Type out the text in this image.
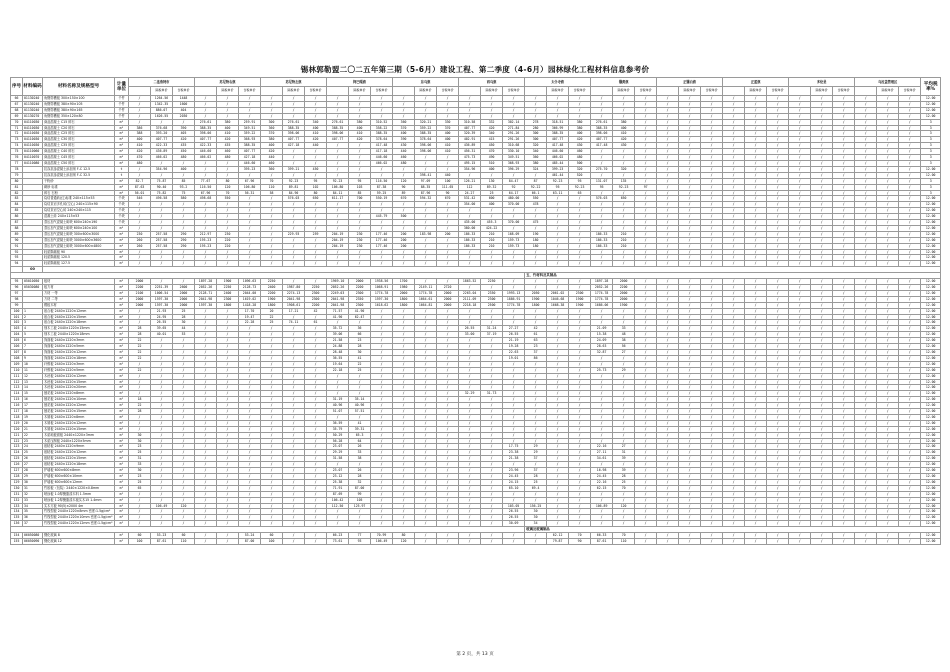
锡林郭勒盟二〇二五年第三期（5-6月）建设工程、第二季度（4-6月）园林绿化工程材料信息参考价
序号	材料编码	材料名称及规格型号	计量单位	二连浩特市			苏尼特右旗			苏尼特左旗			阿巴嘎旗			东乌旗			西乌旗			太仆寺旗			镶黄旗			正镶白旗			正蓝旗			多伦县			乌拉盖管理区			平均税率%
					除税单价	含税单价		除税单价	含税单价		除税单价	含税单价		除税单价	含税单价		除税单价	含税单价		除税单价	含税单价		除税单价	含税单价		除税单价	含税单价		除税单价	含税单价		除税单价	含税单价		除税单价	含税单价		除税单价	含税单价	
66	01130240	角钢剪槽板 300×150×100	千件	/	1264.56	1448	/	/	/	/	/	/	/	/	/	/	/	/	/	/	/	/	/	/	/	/	/	/	/	/	/	/	/	/	/	/	/	/	/	12.00
67	01130240	角钢剪槽板 380×90×105	千件	/	1342.35	1600	/	/	/	/	/	/	/	/	/	/	/	/	/	/	/	/	/	/	/	/	/	/	/	/	/	/	/	/	/	/	/	/	/	12.00
68	01130240	角钢剪槽板 380×90×165	千件	/	886.07	404	/	/	/	/	/	/	/	/	/	/	/	/	/	/	/	/	/	/	/	/	/	/	/	/	/	/	/	/	/	/	/	/	/	12.00
69	01130270	角钢剪槽板 350×120×80	千件	/	1626.55	2030	/	/	/	/	/	/	/	/	/	/	/	/	/	/	/	/	/	/	/	/	/	/	/	/	/	/	/	/	/	/	/	/	/	12.00
70	04110030	商品混凝土 C15 碎石	m³	/	/	/	276.61	380	259.91	300	276.61	340	276.61	380	310.52	360	320.21	330	310.58	332	302.14	278	318.51	380	276.61	380	/	/	/	/	/	/	/	/	/	/	/	/	/	3
71	04110030	商品混凝土 C20 碎石	m³	386	376.68	390	388.35	400	349.51	360	388.35	400	388.35	400	358.22	370	359.22	370	407.77	420	271.84	280	366.99	380	388.35	400	/	/	/	/	/	/	/	/	/	/	/	/	/	3
72	04110030	商品混凝土 C25 碎石	m³	388	393.20	405	398.06	410	359.22	370	398.06	410	398.06	410	388.35	400	388.35	400	320.39	340	291.26	300	388.35	400	398.06	410	/	/	/	/	/	/	/	/	/	/	/	/	/	3
73	04110030	商品混凝土 C30 碎石	m³	400	407.77	420	407.77	420	368.93	380	407.77	420	407.77	420	378.64	390	378.64	400	402.91	415	291.26	300	407.77	420	407.77	420	/	/	/	/	/	/	/	/	/	/	/	/	/	3
74	04110030	商品混凝土 C35 碎石	m³	410	422.33	435	422.33	435	388.35	400	427.18	440	/	/	417.48	430	398.06	410	436.89	450	310.68	320	417.48	430	417.48	430	/	/	/	/	/	/	/	/	/	/	/	/	/	3
75	04110060	商品混凝土 C40 碎石	m³	420	436.89	450	446.60	460	407.77	420	/	/	/	/	417.18	440	398.06	410	456.31	470	330.10	340	446.60	460	/	/	/	/	/	/	/	/	/	/	/	/	/	/	/	3
76	04110070	商品混凝土 C45 碎石	m³	470	466.02	480	466.02	480	427.18	440	/	/	/	/	446.60	460	/	/	475.73	490	349.51	360	466.02	480	/	/	/	/	/	/	/	/	/	/	/	/	/	/	/	3
77	04110080	商品混凝土 C50 碎石	m³	480	/	/	/	/	446.60	460	/	/	/	/	466.02	480	/	/	495.15	510	368.93	380	485.44	500	/	/	/	/	/	/	/	/	/	/	/	/	/	/	/	3
78		抗冻抗渗混凝土添加剂 F-C 12.5	t	/	354.96	400	/	/	395.23	360	399.21	450	/	/	/	/	/	/	354.96	400	396.29	324	399.23	320	275.70	320	/	/	/	/	/	/	/	/	/	/	/	/	/	12.00
79		抗冻抗渗混凝土添加剂 F-C 32.5	t	/	/	/	/	/	/	/	/	/	/	/	/	/	398.41	440	/	/	/	/	461.44	520	/	/	/	/	/	/	/	/	/	/	/	/	/	/	/	12.00
80		干粉砂	m³	82.7	75.87	85	77.67	80	67.96	70	92.23	95	92.23	95	116.50	120	97.09	100	126.21	130	84.47	87	92.23	95	131.07	135	/	/	/	/	/	/	/	/	/	/	/	/	/	3
81		砌砂 标准	m³	87.63	90.40	93.2	116.50	120	106.80	110	89.81	102	106.80	103	87.38	90	88.35	111.65	112	89.32	92	92.22	95	92.23	95	92.23	97	/	/	/	/	/	/	/	/	/	/	/	/	3
82		碎石 石粉	m³	56.01	75.82	75	67.96	70	56.31	58	84.90	80	84.11	85	59.25	89	87.96	90	24.27	25	64.17	66.1	63.11	65	/	/	/	/	/	/	/	/	/	/	/	/	/	/	/	3
83		烧结普通砖(红)标准 240×115×53	千块	546	496.58	580	498.68	550	/	/	576.03	650	611.17	700	550.19	670	594.32	670	531.42	600	480.00	550	/	/	576.03	650	/	/	/	/	/	/	/	/	/	/	/	/	/	12.00
84		烧结页岩多孔砖(空心) 240×115×90	千块	/	/	/	/	/	/	/	/	/	/	/	/	/	/	/	354.00	400	370.00	478	/	/	/	/	/	/	/	/	/	/	/	/	/	/	/	/	/	12.00
85		烧结页岩空心砖 240×240×115	千块	/	/	/	/	/	/	/	/	/	/	/	/	/	/	/	/	/	/	/	/	/	/	/	/	/	/	/	/	/	/	/	/	/	/	/	/	12.00
86		混凝土砖 240×115×53	千块	/	/	/	/	/	/	/	/	/	/	/	445.79	500	/	/	/	/	/	/	/	/	/	/	/	/	/	/	/	/	/	/	/	/	/	/	/	12.00
87		蒸压加气混凝土砌块 600×240×190	千块	/	/	/	/	/	/	/	/	/	/	/	/	/	/	/	435.00	455.3	370.00	475	/	/	/	/	/	/	/	/	/	/	/	/	/	/	/	/	/	12.00
88		蒸压加气混凝土砌块 600×240×100	m³	/	/	/	/	/	/	/	/	/	/	/	/	/	/	/	380.00	424.22	/	/	/	/	/	/	/	/	/	/	/	/	/	/	/	/	/	/	/	12.00
89		蒸压加气混凝土砌块 300×600×3000	m³	230	257.58	290	212.97	230	/	/	229.93	259	204.19	230	177.46	200	183.98	200	186.33	210	168.09	190	/	/	186.33	210	/	/	/	/	/	/	/	/	/	/	/	/	/	12.00
90		蒸压加气混凝土砌块 3000×600×3600	m³	260	257.58	290	195.23	220	/	/	/	/	204.19	230	177.46	200	/	/	186.33	210	159.73	180	/	/	186.33	210	/	/	/	/	/	/	/	/	/	/	/	/	/	12.00
91		蒸压加气混凝土砌块 3000×600×4800	m³	260	257.58	290	195.23	220	/	/	/	/	204.19	230	177.46	200	/	/	186.33	210	159.73	180	/	/	186.33	210	/	/	/	/	/	/	/	/	/	/	/	/	/	12.00
92		轻质隔墙板 90	m²	/	/	/	/	/	/	/	/	/	/	/	/	/	/	/	/	/	/	/	/	/	/	/	/	/	/	/	/	/	/	/	/	/	/	/	/	12.00
93		轻质隔墙板 120.5	m²	/	/	/	/	/	/	/	/	/	/	/	/	/	/	/	/	/	/	/	/	/	/	/	/	/	/	/	/	/	/	/	/	/	/	/	/	12.00
94		轻质隔墙板 127.5	m²	/	/	/	/	/	/	/	/	/	/	/	/	/	/	/	/	/	/	/	/	/	/	/	/	/	/	/	/	/	/	/	/	/	/	/	/	12.00
	00																																							
																						五、竹材料及其制品																		
95	05010050	板材	m³	2000	/	/	1897.28	1900	1096.63	2250	/	/	1969.10	2000	1938.56	1700	/	/	1863.52	2250	/	/	/	/	1897.28	2000	/	/	/	/	/	/	/	/	/	/	/	/	/	12.00
96	05030080	板方材	m³	2200	2251.39	2600	2052.26	2250	2128.73	2400	1987.80	2250	2052.26	2200	1068.91	1980	2149.11	2720	/	/	/	/	/	/	2052.26	2200	/	/	/	/	/	/	/	/	/	/	/	/	/	12.00
97		方材 一等	m³	2100	1006.54	2000	2128.71	2400	2044.00	2200	2274.13	2300	2249.03	2300	1774.78	2000	1774.78	2000	2263.04	2350	1993.13	2050	2061.02	2300	1774.78	2000	/	/	/	/	/	/	/	/	/	/	/	/	/	12.00
98		方材 二等	m³	2000	1597.30	2000	2041.98	2300	1619.02	1900	2041.98	2300	2041.98	2350	1597.30	1800	1664.61	2000	2111.09	2300	1886.91	1900	1046.68	1900	1774.78	2000	/	/	/	/	/	/	/	/	/	/	/	/	/	12.00
99		模板木材	m³	2000	1597.30	2000	1597.30	1800	1418.28	1800	1908.61	2200	2041.98	2300	1618.62	1800	1664.81	2000	2218.18	2500	1774.78	1800	1668.38	1900	1686.06	1900	/	/	/	/	/	/	/	/	/	/	/	/	/	12.00
100	1	胶合板 2440×1220×12mm	m²	/	21.93	25	/	/	17.70	20	17.21	42	71.57	41.90	/	/	/	/	/	/	/	/	/	/	/	/	/	/	/	/	/	/	/	/	/	/	/	/	/	12.00
101	2	胶合板 2440×1220×15mm	m²	/	24.95	28	/	/	19.47	22	/	/	41.90	62.47	/	/	/	/	/	/	/	/	/	/	/	/	/	/	/	/	/	/	/	/	/	/	/	/	/	12.00
102	3	胶合板 2440×1220×18mm	m²	/	26.55	30	/	/	22.28	25	74.11	61	/	/	/	/	/	/	/	/	/	/	/	/	/	/	/	/	/	/	/	/	/	/	/	/	/	/	/	12.00
103	4	细木工板 2440×1220×15mm	m²	28	39.65	44	/	/	/	/	/	/	35.72	36	/	/	/	/	26.55	31.24	27.27	42	/	/	21.09	33	/	/	/	/	/	/	/	/	/	/	/	/	/	12.00
104	5	细木工板 2440×1220×18mm	m²	28	40.01	53	/	/	/	/	/	/	39.06	66	/	/	/	/	33.00	37.19	26.55	61	/	/	15.38	48	/	/	/	/	/	/	/	/	/	/	/	/	/	12.00
105	6	饰面板 2440×1220×3mm	m²	22	/	/	/	/	/	/	/	/	21.58	23	/	/	/	/	/	/	21.19	63	/	/	24.09	38	/	/	/	/	/	/	/	/	/	/	/	/	/	12.00
106	7	饰面板 2440×1220×5mm	m²	22	/	/	/	/	/	/	/	/	24.88	28	/	/	/	/	/	/	19.28	23	/	/	28.63	56	/	/	/	/	/	/	/	/	/	/	/	/	/	12.00
107	8	饰面板 2440×1220×12mm	m²	22	/	/	/	/	/	/	/	/	28.48	30	/	/	/	/	/	/	22.63	37	/	/	32.87	27	/	/	/	/	/	/	/	/	/	/	/	/	/	12.00
108	9	饰面板 2440×1220×18mm	m²	22	/	/	/	/	/	/	/	/	36.55	41	/	/	/	/	/	/	19.01	86	/	/	/	/	/	/	/	/	/	/	/	/	/	/	/	/	/	12.00
109	10	纤维板 2440×1220×3mm	m²	/	/	/	/	/	/	/	/	/	19.64	22	/	/	/	/	/	/	/	/	/	/	/	/	/	/	/	/	/	/	/	/	/	/	/	/	/	12.00
110	11	纤维板 2440×1220×5mm	m²	22	/	/	/	/	/	/	/	/	22.18	25	/	/	/	/	/	/	/	/	/	/	25.73	29	/	/	/	/	/	/	/	/	/	/	/	/	/	12.00
111	12	木丝板 2440×1220×12mm	m²	/	/	/	/	/	/	/	/	/	/	/	/	/	/	/	/	/	/	/	/	/	/	/	/	/	/	/	/	/	/	/	/	/	/	/	/	12.00
112	13	木丝板 2440×1220×15mm	m²	/	/	/	/	/	/	/	/	/	/	/	/	/	/	/	/	/	/	/	/	/	/	/	/	/	/	/	/	/	/	/	/	/	/	/	/	12.00
113	14	木丝板 2440×1220×20mm	m²	/	/	/	/	/	/	/	/	/	/	/	/	/	/	/	/	/	/	/	/	/	/	/	/	/	/	/	/	/	/	/	/	/	/	/	/	12.00
114	15	刨花板 2440×1220×8mm	m²	/	/	/	/	/	/	/	/	/	/	/	/	/	/	/	32.29	31.73	/	/	/	/	/	/	/	/	/	/	/	/	/	/	/	/	/	/	/	12.00
115	16	刨花板 2440×1220×10mm	m²	18	/	/	/	/	/	/	/	/	31.19	35.14	/	/	/	/	/	/	/	/	/	/	/	/	/	/	/	/	/	/	/	/	/	/	/	/	/	12.00
116	17	刨花板 2440×1220×12mm	m²	22	/	/	/	/	/	/	/	/	40.96	40.96	/	/	/	/	/	/	/	/	/	/	/	/	/	/	/	/	/	/	/	/	/	/	/	/	/	12.00
117	18	刨花板 2440×1220×15mm	m²	28	/	/	/	/	/	/	/	/	51.07	57.51	/	/	/	/	/	/	/	/	/	/	/	/	/	/	/	/	/	/	/	/	/	/	/	/	/	12.00
118	19	木屑板 2440×1220×8mm	m²	/	/	/	/	/	/	/	/	/	/	/	/	/	/	/	/	/	/	/	/	/	/	/	/	/	/	/	/	/	/	/	/	/	/	/	/	12.00
119	20	木屑板 2440×1220×12mm	m²	/	/	/	/	/	/	/	/	/	36.59	41	/	/	/	/	/	/	/	/	/	/	/	/	/	/	/	/	/	/	/	/	/	/	/	/	/	12.00
120	21	木屑板 2440×1220×15mm	m²	/	/	/	/	/	/	/	/	/	35.79	39.31	/	/	/	/	/	/	/	/	/	/	/	/	/	/	/	/	/	/	/	/	/	/	/	/	/	12.00
121	22	木质地板面板 2440×1220×3mm	m²	30	/	/	/	/	/	/	/	/	50.29	65.3	/	/	/	/	/	/	/	/	/	/	/	/	/	/	/	/	/	/	/	/	/	/	/	/	/	12.00
122	23	木质压制板 2440×1220×5mm	m²	30	/	/	/	/	/	/	/	/	56.28	64	/	/	/	/	/	/	/	/	/	/	/	/	/	/	/	/	/	/	/	/	/	/	/	/	/	12.00
123	24	胶粘板 2440×1220×9mm	m²	23	/	/	/	/	/	/	/	/	23.07	26	/	/	/	/	/	/	17.75	29	/	/	22.16	27	/	/	/	/	/	/	/	/	/	/	/	/	/	12.00
124	25	胶粘板 2440×1220×12mm	m²	25	/	/	/	/	/	/	/	/	29.29	33	/	/	/	/	/	/	23.38	29	/	/	27.11	31	/	/	/	/	/	/	/	/	/	/	/	/	/	12.00
125	26	胶粘板 2440×1220×15mm	m²	31	/	/	/	/	/	/	/	/	31.58	38	/	/	/	/	/	/	21.38	37	/	/	34.61	39	/	/	/	/	/	/	/	/	/	/	/	/	/	12.00
126	27	胶粘板 2440×1220×18mm	m²	33	/	/	/	/	/	/	/	/	/	/	/	/	/	/	/	/	/	/	/	/	/	/	/	/	/	/	/	/	/	/	/	/	/	/	/	12.00
127	28	护墙板 600×600×8mm	m²	30	/	/	/	/	/	/	/	/	23.07	26	/	/	/	/	/	/	23.96	37	/	/	16.98	39	/	/	/	/	/	/	/	/	/	/	/	/	/	12.00
128	29	护墙板 600×600×10mm	m²	23	/	/	/	/	/	/	/	/	23.12	28	/	/	/	/	/	/	24.45	28	/	/	24.45	28	/	/	/	/	/	/	/	/	/	/	/	/	/	12.00
129	30	护墙板 600×600×12mm	m²	25	/	/	/	/	/	/	/	/	25.38	32	/	/	/	/	/	/	24.15	25	/	/	22.16	25	/	/	/	/	/	/	/	/	/	/	/	/	/	12.00
130	31	竹胶板（包装）2440×1220×0.8mm	m²	65	/	/	/	/	/	/	/	/	71.91	87.00	/	/	/	/	/	/	65.10	69.4	/	/	62.15	70	/	/	/	/	/	/	/	/	/	/	/	/	/	12.00
131	32	喷涂板 1.0厚聚脂漆木料 1.5mm	m²	/	/	/	/	/	/	/	/	/	87.69	99	/	/	/	/	/	/	/	/	/	/	/	/	/	/	/	/	/	/	/	/	/	/	/	/	/	12.00
132	33	喷涂板 1.2厚聚脂漆木板实木15 1.4mm	m²	/	/	/	/	/	/	/	/	/	106.42	105	/	/	/	/	/	/	/	/	/	/	/	/	/	/	/	/	/	/	/	/	/	/	/	/	/	12.00
133	34	实木方板 90(5)×2000 4m	m²	/	106.49	120	/	/	/	/	/	/	112.50	125.97	/	/	/	/	/	/	103.05	156.25	/	/	106.89	120	/	/	/	/	/	/	/	/	/	/	/	/	/	12.00
134	35	竹筏型板 2440×1220×8mm 密度:1.5g/cm³	m²	/	/	/	/	/	/	/	/	/	/	/	/	/	/	/	/	/	26.55	30	/	/	/	/	/	/	/	/	/	/	/	/	/	/	/	/	/	12.00
135	36	竹筏型板 2440×1220×10mm 密度:1.5g/cm³	m²	/	/	/	/	/	/	/	/	/	/	/	/	/	/	/	/	/	26.55	30	/	/	/	/	/	/	/	/	/	/	/	/	/	/	/	/	/	12.00
136	37	竹筏型板 2440×1220×12mm 密度:1.5g/cm³	m²	/	/	/	/	/	/	/	/	/	/	/	/	/	/	/	/	/	30.09	34	/	/	/	/	/	/	/	/	/	/	/	/	/	/	/	/	/	12.00
																						玻璃及玻璃制品																		
154	06050080	钢化玻璃 8	m²	60	53.23	60	/	/	53.24	60	/	/	66.23	77	70.99	80	/	/	/	/	/	/	62.12	70	66.33	70	/	/	/	/	/	/	/	/	/	/	/	/	/	12.00
155	06050090	钢化玻璃 12	m²	100	87.61	110	/	/	87.00	100	/	/	73.61	93	106.49	120	/	/	/	/	/	/	79.87	90	87.61	110	/	/	/	/	/	/	/	/	/	/	/	/	/	12.00
第 2 页，共 13 页
